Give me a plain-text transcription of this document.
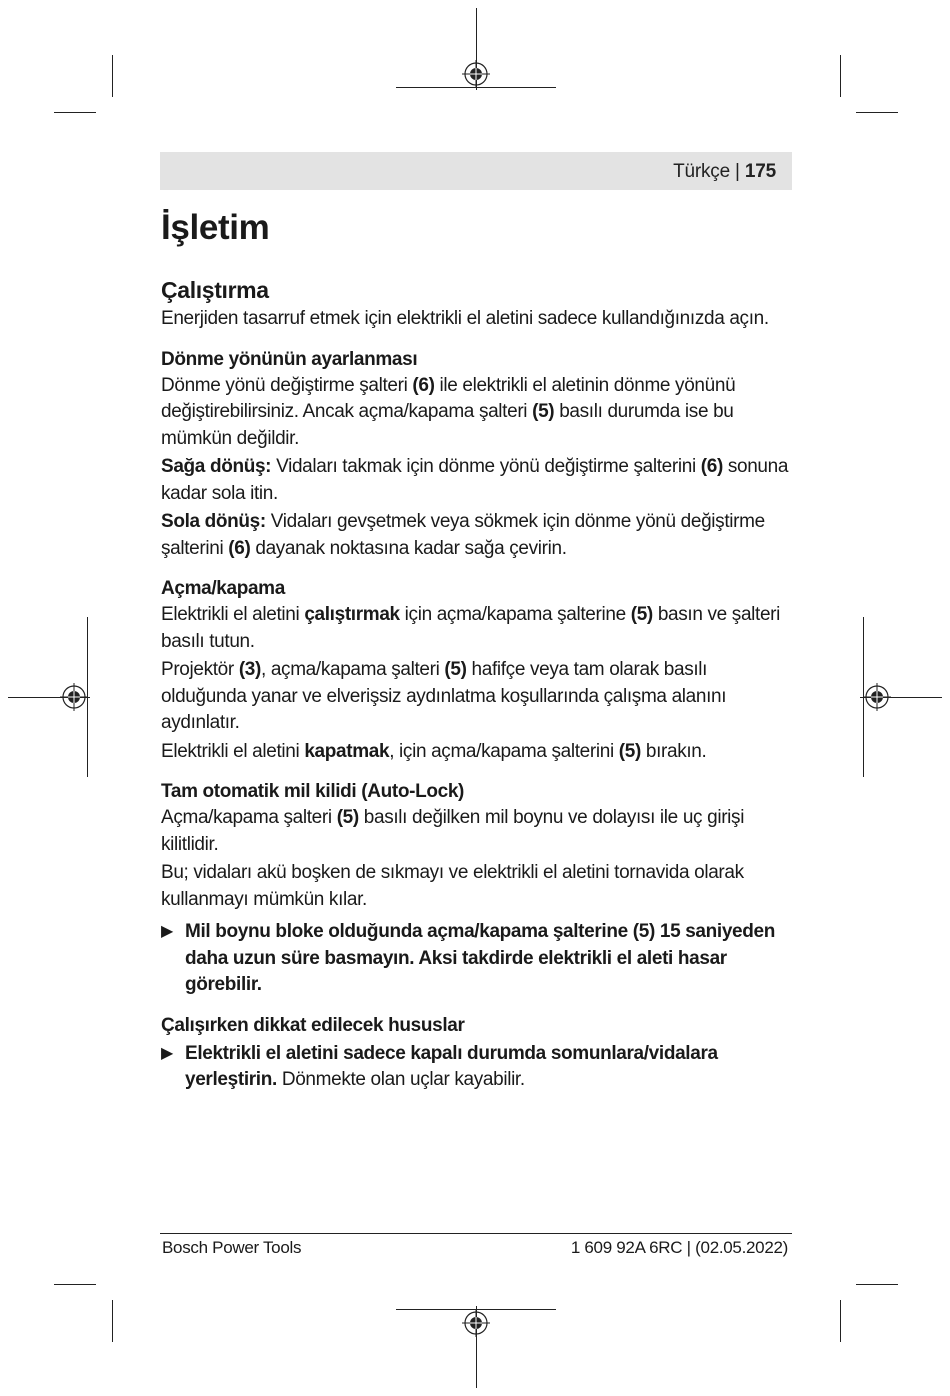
Türkçe | 175
İşletim
Çalıştırma

Enerjiden tasarruf etmek için elektrikli el aletini sadece kullandığınızda açın.

Dönme yönünün ayarlanması

Dönme yönü değiştirme şalteri (6) ile elektrikli el aletinin dönme yönünü değiştirebilirsiniz. Ancak açma/kapama şalteri (5) basılı durumda ise bu mümkün değildir.

Sağa dönüş: Vidaları takmak için dönme yönü değiştirme şalterini (6) sonuna kadar sola itin.

Sola dönüş: Vidaları gevşetmek veya sökmek için dönme yönü değiştirme şalterini (6) dayanak noktasına kadar sağa çevirin.

Açma/kapama

Elektrikli el aletini çalıştırmak için açma/kapama şalterine (5) basın ve şalteri basılı tutun.

Projektör (3), açma/kapama şalteri (5) hafifçe veya tam olarak basılı olduğunda yanar ve elverişsiz aydınlatma koşullarında çalışma alanını aydınlatır.

Elektrikli el aletini kapatmak, için açma/kapama şalterini (5) bırakın.

Tam otomatik mil kilidi (Auto-Lock)

Açma/kapama şalteri (5) basılı değilken mil boynu ve dolayısı ile uç girişi kilitlidir.

Bu; vidaları akü boşken de sıkmayı ve elektrikli el aletini tornavida olarak kullanmayı mümkün kılar.

▶ Mil boynu bloke olduğunda açma/kapama şalterine (5) 15 saniyeden daha uzun süre basmayın. Aksi takdirde elektrikli el aleti hasar görebilir.
Çalışırken dikkat edilecek hususlar
▶ Elektrikli el aletini sadece kapalı durumda somunlara/vidalara yerleştirin. Dönmekte olan uçlar kayabilir.
Bosch Power Tools	1 609 92A 6RC | (02.05.2022)
